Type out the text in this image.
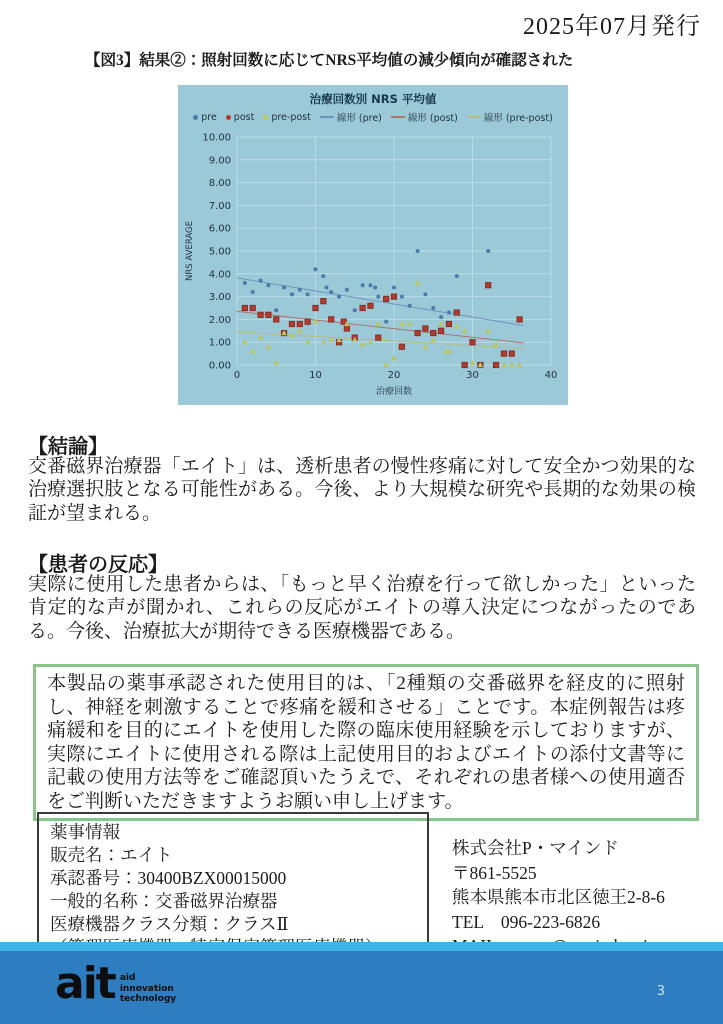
2025年07月発行
【図3】結果②：照射回数に応じてNRS平均値の減少傾向が確認された
治療回数別 NRS 平均値
pre post pre-post	線形 (pre)	線形 (post)	線形 (pre-post)
10.00
9.00
8.00
7.00
6.00
5.00
4.00
3.00
2.00
1.00
0.00
0	10	20	30	40
治療回数
NRS AVERAGE
【結論】
交番磁界治療器「エイト」は、透析患者の慢性疼痛に対して安全かつ効果的な治療選択肢となる可能性がある。今後、より大規模な研究や長期的な効果の検証が望まれる。
【患者の反応】
実際に使用した患者からは、「もっと早く治療を行って欲しかった」といった肯定的な声が聞かれ、これらの反応がエイトの導入決定につながったのである。今後、治療拡大が期待できる医療機器である。
本製品の薬事承認された使用目的は、「2種類の交番磁界を経皮的に照射し、神経を刺激することで疼痛を緩和させる」ことです。本症例報告は疼痛緩和を目的にエイトを使用した際の臨床使用経験を示しておりますが、実際にエイトに使用される際は上記使用目的およびエイトの添付文書等に記載の使用方法等をご確認頂いたうえで、それぞれの患者様への使用適否をご判断いただきますようお願い申し上げます。
薬事情報
販売名：エイト
承認番号：30400BZX00015000
一般的名称：交番磁界治療器
医療機器クラス分類：クラスⅡ
株式会社P・マインド
〒861-5525
熊本県熊本市北区徳王2-8-6
TEL　096-223-6826
ait aid
innovation
technology
3
